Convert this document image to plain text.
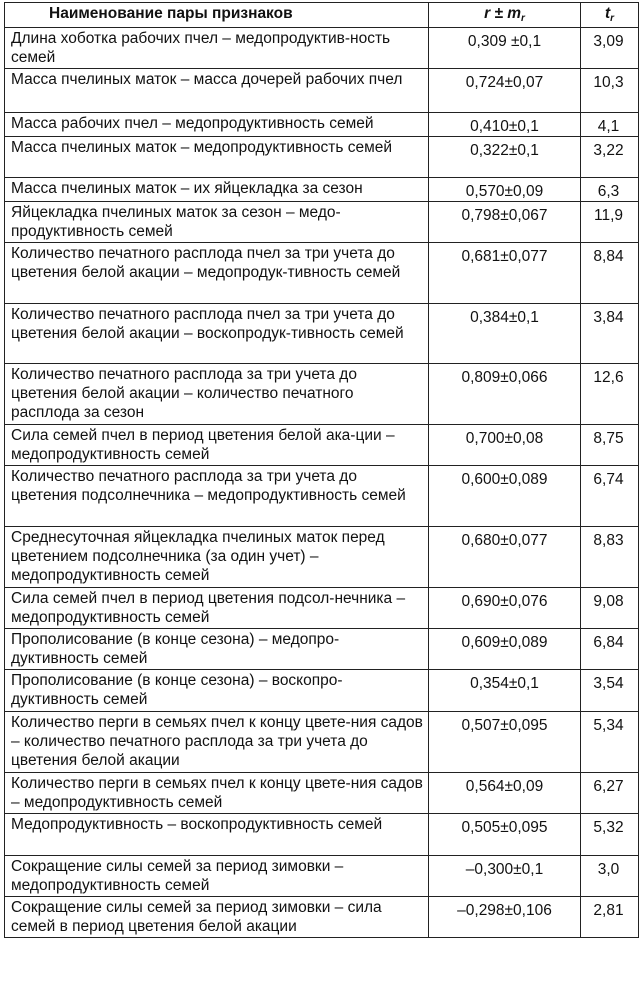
Наименование пары признаков	$r \pm m_r$	$t_r$
Длина хоботка рабочих пчел – медопродуктив-ность семей	0,309 ±0,1	3,09
Масса пчелиных маток – масса дочерей рабочих пчел	0,724±0,07	10,3
Масса рабочих пчел – медопродуктивность семей	0,410±0,1	4,1
Масса пчелиных маток – медопродуктивность семей	0,322±0,1	3,22
Масса пчелиных маток – их яйцекладка за сезон	0,570±0,09	6,3
Яйцекладка пчелиных маток за сезон – медо-продуктивность семей	0,798±0,067	11,9
Количество печатного расплода пчел за три учета до цветения белой акации – медопродук-тивность семей	0,681±0,077	8,84
Количество печатного расплода пчел за три учета до цветения белой акации – воскопродук-тивность семей	0,384±0,1	3,84
Количество печатного расплода за три учета до цветения белой акации – количество печатного расплода за сезон	0,809±0,066	12,6
Сила семей пчел в период цветения белой ака-ции – медопродуктивность семей	0,700±0,08	8,75
Количество печатного расплода за три учета до цветения подсолнечника – медопродуктивность семей	0,600±0,089	6,74
Среднесуточная яйцекладка пчелиных маток перед цветением подсолнечника (за один учет) – медопродуктивность семей	0,680±0,077	8,83
Сила семей пчел в период цветения подсол-нечника – медопродуктивность семей	0,690±0,076	9,08
Прополисование (в конце сезона) – медопро-дуктивность семей	0,609±0,089	6,84
Прополисование (в конце сезона) – воскопро-дуктивность семей	0,354±0,1	3,54
Количество перги в семьях пчел к концу цвете-ния садов – количество печатного расплода за три учета до цветения белой акации	0,507±0,095	5,34
Количество перги в семьях пчел к концу цвете-ния садов – медопродуктивность семей	0,564±0,09	6,27
Медопродуктивность – воскопродуктивность семей	0,505±0,095	5,32
Сокращение силы семей за период зимовки – медопродуктивность семей	–0,300±0,1	3,0
Сокращение силы семей за период зимовки – сила семей в период цветения белой акации	–0,298±0,106	2,81
